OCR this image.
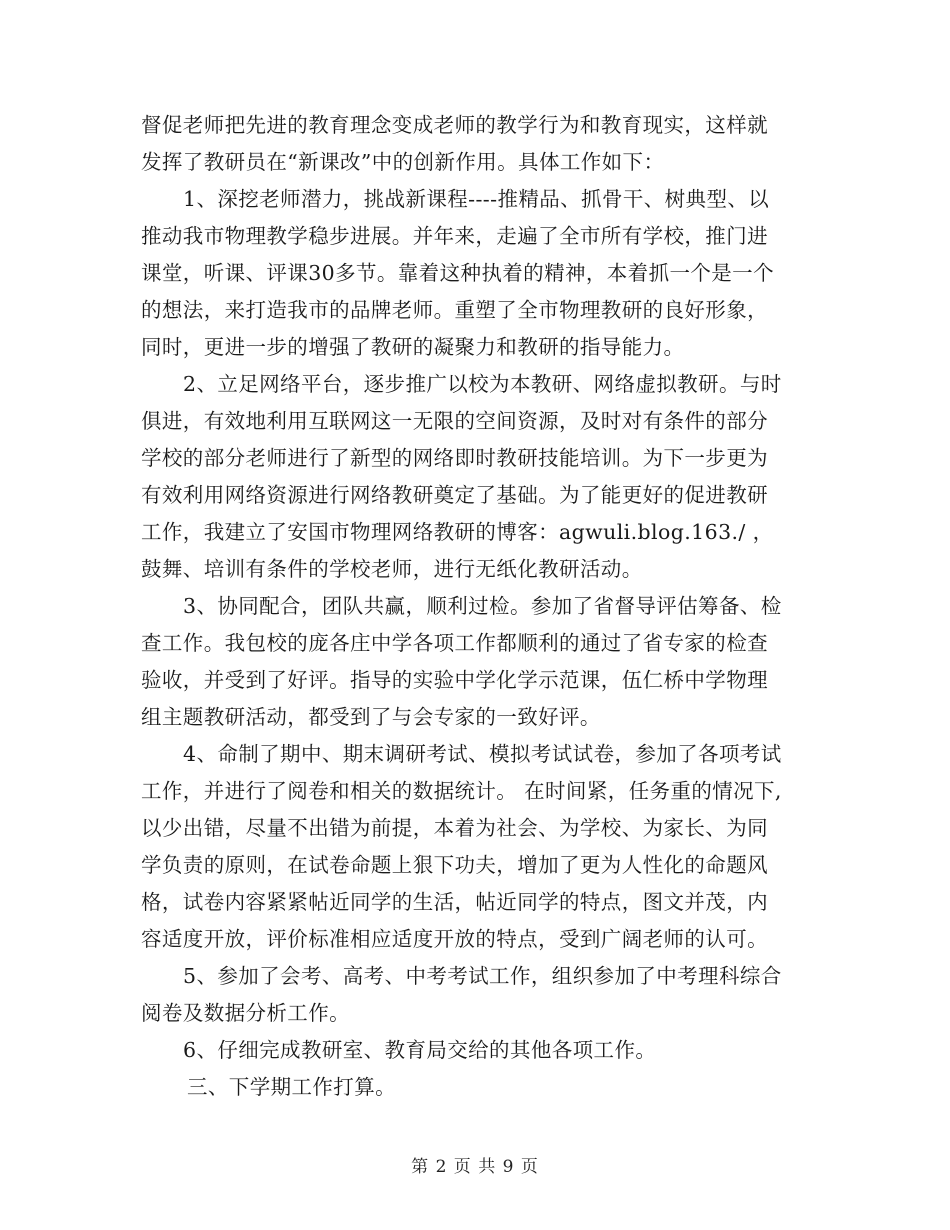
督促老师把先进的教育理念变成老师的教学行为和教育现实，这样就
发挥了教研员在“新课改”中的创新作用。具体工作如下：
1、深挖老师潜力，挑战新课程----推精品、抓骨干、树典型、以
推动我市物理教学稳步进展。并年来，走遍了全市所有学校，推门进
课堂，听课、评课30多节。靠着这种执着的精神，本着抓一个是一个
的想法，来打造我市的品牌老师。重塑了全市物理教研的良好形象，
同时，更进一步的增强了教研的凝聚力和教研的指导能力。
2、立足网络平台，逐步推广以校为本教研、网络虚拟教研。与时
俱进，有效地利用互联网这一无限的空间资源，及时对有条件的部分
学校的部分老师进行了新型的网络即时教研技能培训。为下一步更为
有效利用网络资源进行网络教研奠定了基础。为了能更好的促进教研
工作，我建立了安国市物理网络教研的博客：agwuli.blog.163./ ，
鼓舞、培训有条件的学校老师，进行无纸化教研活动。
3、协同配合，团队共赢，顺利过检。参加了省督导评估筹备、检
查工作。我包校的庞各庄中学各项工作都顺利的通过了省专家的检查
验收，并受到了好评。指导的实验中学化学示范课，伍仁桥中学物理
组主题教研活动，都受到了与会专家的一致好评。
4、命制了期中、期末调研考试、模拟考试试卷，参加了各项考试
工作，并进行了阅卷和相关的数据统计。 在时间紧，任务重的情况下,
以少出错，尽量不出错为前提，本着为社会、为学校、为家长、为同
学负责的原则，在试卷命题上狠下功夫，增加了更为人性化的命题风
格，试卷内容紧紧帖近同学的生活，帖近同学的特点，图文并茂，内
容适度开放，评价标准相应适度开放的特点，受到广阔老师的认可。
5、参加了会考、高考、中考考试工作，组织参加了中考理科综合
阅卷及数据分析工作。
6、仔细完成教研室、教育局交给的其他各项工作。
三、下学期工作打算。
第 2 页 共 9 页
